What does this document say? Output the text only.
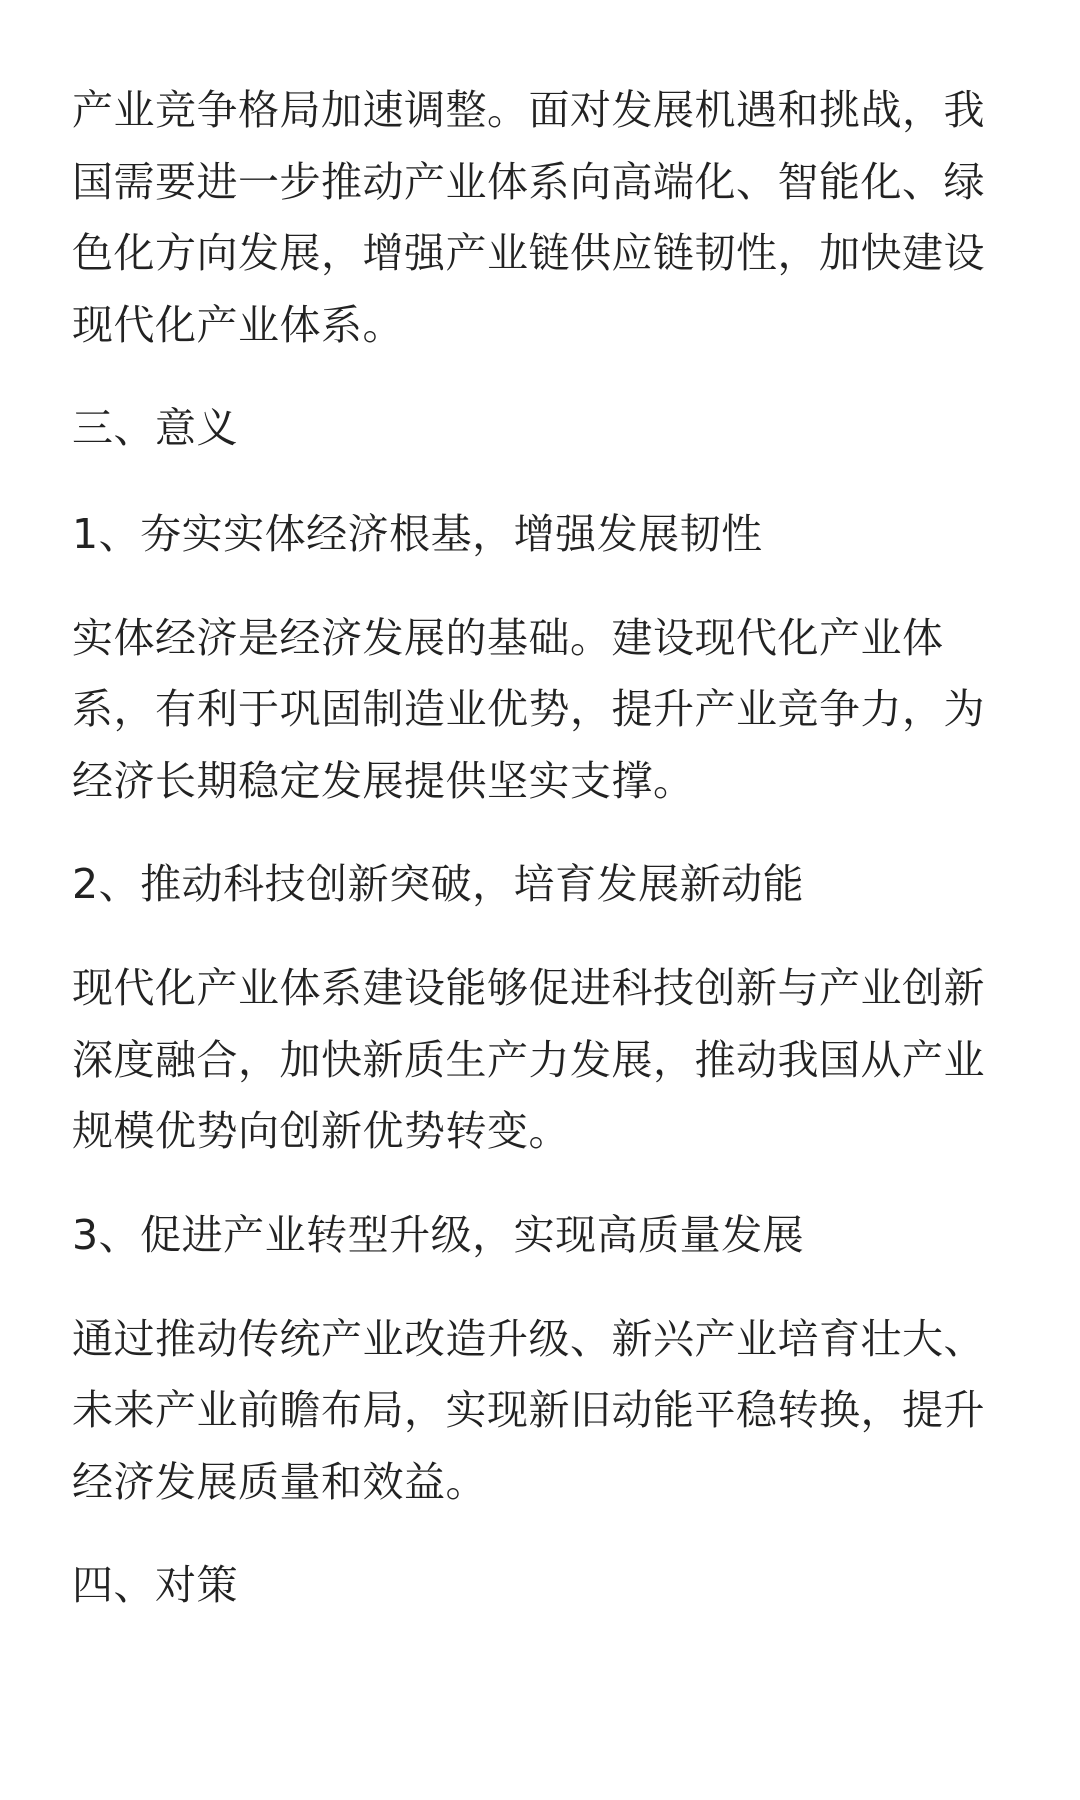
产业竞争格局加速调整。面对发展机遇和挑战，我
国需要进一步推动产业体系向高端化、智能化、绿
色化方向发展，增强产业链供应链韧性，加快建设
现代化产业体系。
三、意义
1、夯实实体经济根基，增强发展韧性
实体经济是经济发展的基础。建设现代化产业体
系，有利于巩固制造业优势，提升产业竞争力，为
经济长期稳定发展提供坚实支撑。
2、推动科技创新突破，培育发展新动能
现代化产业体系建设能够促进科技创新与产业创新
深度融合，加快新质生产力发展，推动我国从产业
规模优势向创新优势转变。
3、促进产业转型升级，实现高质量发展
通过推动传统产业改造升级、新兴产业培育壮大、
未来产业前瞻布局，实现新旧动能平稳转换，提升
经济发展质量和效益。
四、对策
